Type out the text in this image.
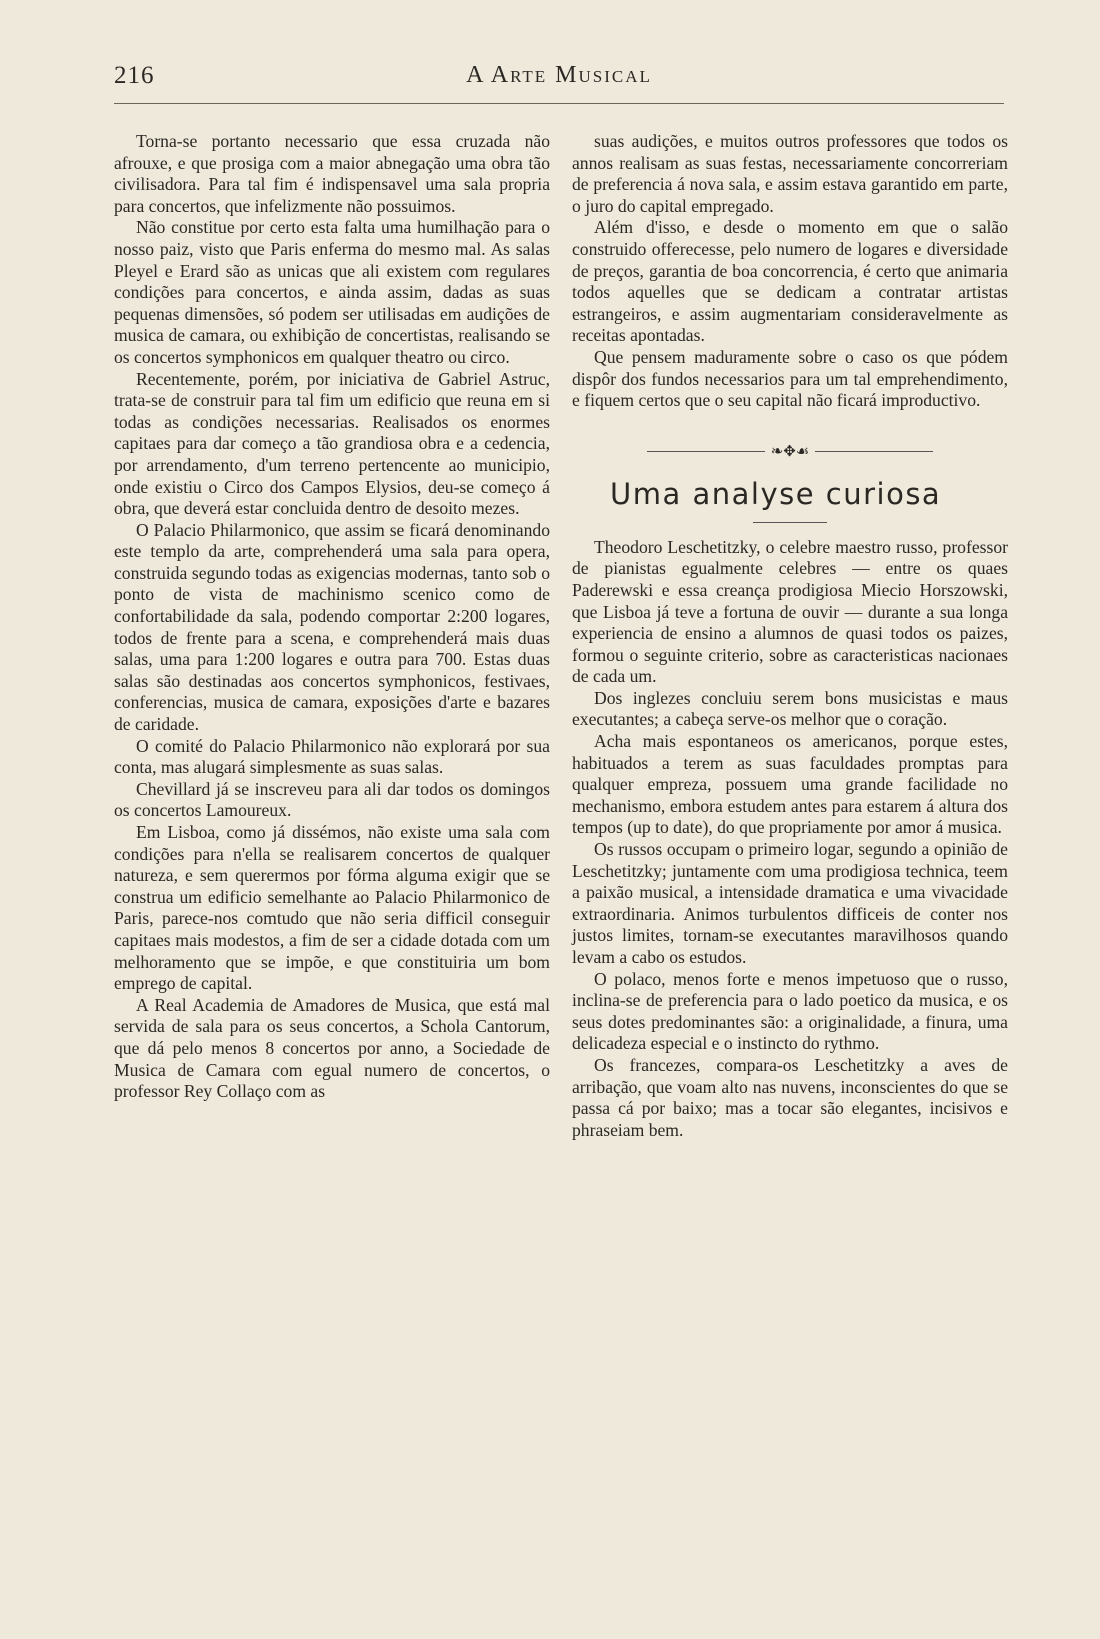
216	A Arte Musical

Torna-se portanto necessario que essa cruzada não afrouxe, e que prosiga com a maior abnegação uma obra tão civilisadora. Para tal fim é indispensavel uma sala propria para concertos, que infelizmente não possuimos.

Não constitue por certo esta falta uma humilhação para o nosso paiz, visto que Paris enferma do mesmo mal. As salas Pleyel e Erard são as unicas que ali existem com regulares condições para concertos, e ainda assim, dadas as suas pequenas dimensões, só podem ser utilisadas em audições de musica de camara, ou exhibição de concertistas, realisando se os concertos symphonicos em qualquer theatro ou circo.

Recentemente, porém, por iniciativa de Gabriel Astruc, trata-se de construir para tal fim um edificio que reuna em si todas as condições necessarias. Realisados os enormes capitaes para dar começo a tão grandiosa obra e a cedencia, por arrendamento, d'um terreno pertencente ao municipio, onde existiu o Circo dos Campos Elysios, deu-se começo á obra, que deverá estar concluida dentro de desoito mezes.

O Palacio Philarmonico, que assim se ficará denominando este templo da arte, comprehenderá uma sala para opera, construida segundo todas as exigencias modernas, tanto sob o ponto de vista de machinismo scenico como de confortabilidade da sala, podendo comportar 2:200 logares, todos de frente para a scena, e comprehenderá mais duas salas, uma para 1:200 logares e outra para 700. Estas duas salas são destinadas aos concertos symphonicos, festivaes, conferencias, musica de camara, exposições d'arte e bazares de caridade.

O comité do Palacio Philarmonico não explorará por sua conta, mas alugará simplesmente as suas salas.

Chevillard já se inscreveu para ali dar todos os domingos os concertos Lamoureux.

Em Lisboa, como já dissémos, não existe uma sala com condições para n'ella se realisarem concertos de qualquer natureza, e sem querermos por fórma alguma exigir que se construa um edificio semelhante ao Palacio Philarmonico de Paris, parece-nos comtudo que não seria difficil conseguir capitaes mais modestos, a fim de ser a cidade dotada com um melhoramento que se impõe, e que constituiria um bom emprego de capital.

A Real Academia de Amadores de Musica, que está mal servida de sala para os seus concertos, a Schola Cantorum, que dá pelo menos 8 concertos por anno, a Sociedade de Musica de Camara com egual numero de concertos, o professor Rey Collaço com as

suas audições, e muitos outros professores que todos os annos realisam as suas festas, necessariamente concorreriam de preferencia á nova sala, e assim estava garantido em parte, o juro do capital empregado.

Além d'isso, e desde o momento em que o salão construido offerecesse, pelo numero de logares e diversidade de preços, garantia de boa concorrencia, é certo que animaria todos aquelles que se dedicam a contratar artistas estrangeiros, e assim augmentariam consideravelmente as receitas apontadas.

Que pensem maduramente sobre o caso os que pódem dispôr dos fundos necessarios para um tal emprehendimento, e fiquem certos que o seu capital não ficará improductivo.

❧✥☙
Uma analyse curiosa

Theodoro Leschetitzky, o celebre maestro russo, professor de pianistas egualmente celebres — entre os quaes Paderewski e essa creança prodigiosa Miecio Horszowski, que Lisboa já teve a fortuna de ouvir — durante a sua longa experiencia de ensino a alumnos de quasi todos os paizes, formou o seguinte criterio, sobre as caracteristicas nacionaes de cada um.

Dos inglezes concluiu serem bons musicistas e maus executantes; a cabeça serve-os melhor que o coração.

Acha mais espontaneos os americanos, porque estes, habituados a terem as suas faculdades promptas para qualquer empreza, possuem uma grande facilidade no mechanismo, embora estudem antes para estarem á altura dos tempos (up to date), do que propriamente por amor á musica.

Os russos occupam o primeiro logar, segundo a opinião de Leschetitzky; juntamente com uma prodigiosa technica, teem a paixão musical, a intensidade dramatica e uma vivacidade extraordinaria. Animos turbulentos difficeis de conter nos justos limites, tornam-se executantes maravilhosos quando levam a cabo os estudos.

O polaco, menos forte e menos impetuoso que o russo, inclina-se de preferencia para o lado poetico da musica, e os seus dotes predominantes são: a originalidade, a finura, uma delicadeza especial e o instincto do rythmo.

Os francezes, compara-os Leschetitzky a aves de arribação, que voam alto nas nuvens, inconscientes do que se passa cá por baixo; mas a tocar são elegantes, incisivos e phraseiam bem.
